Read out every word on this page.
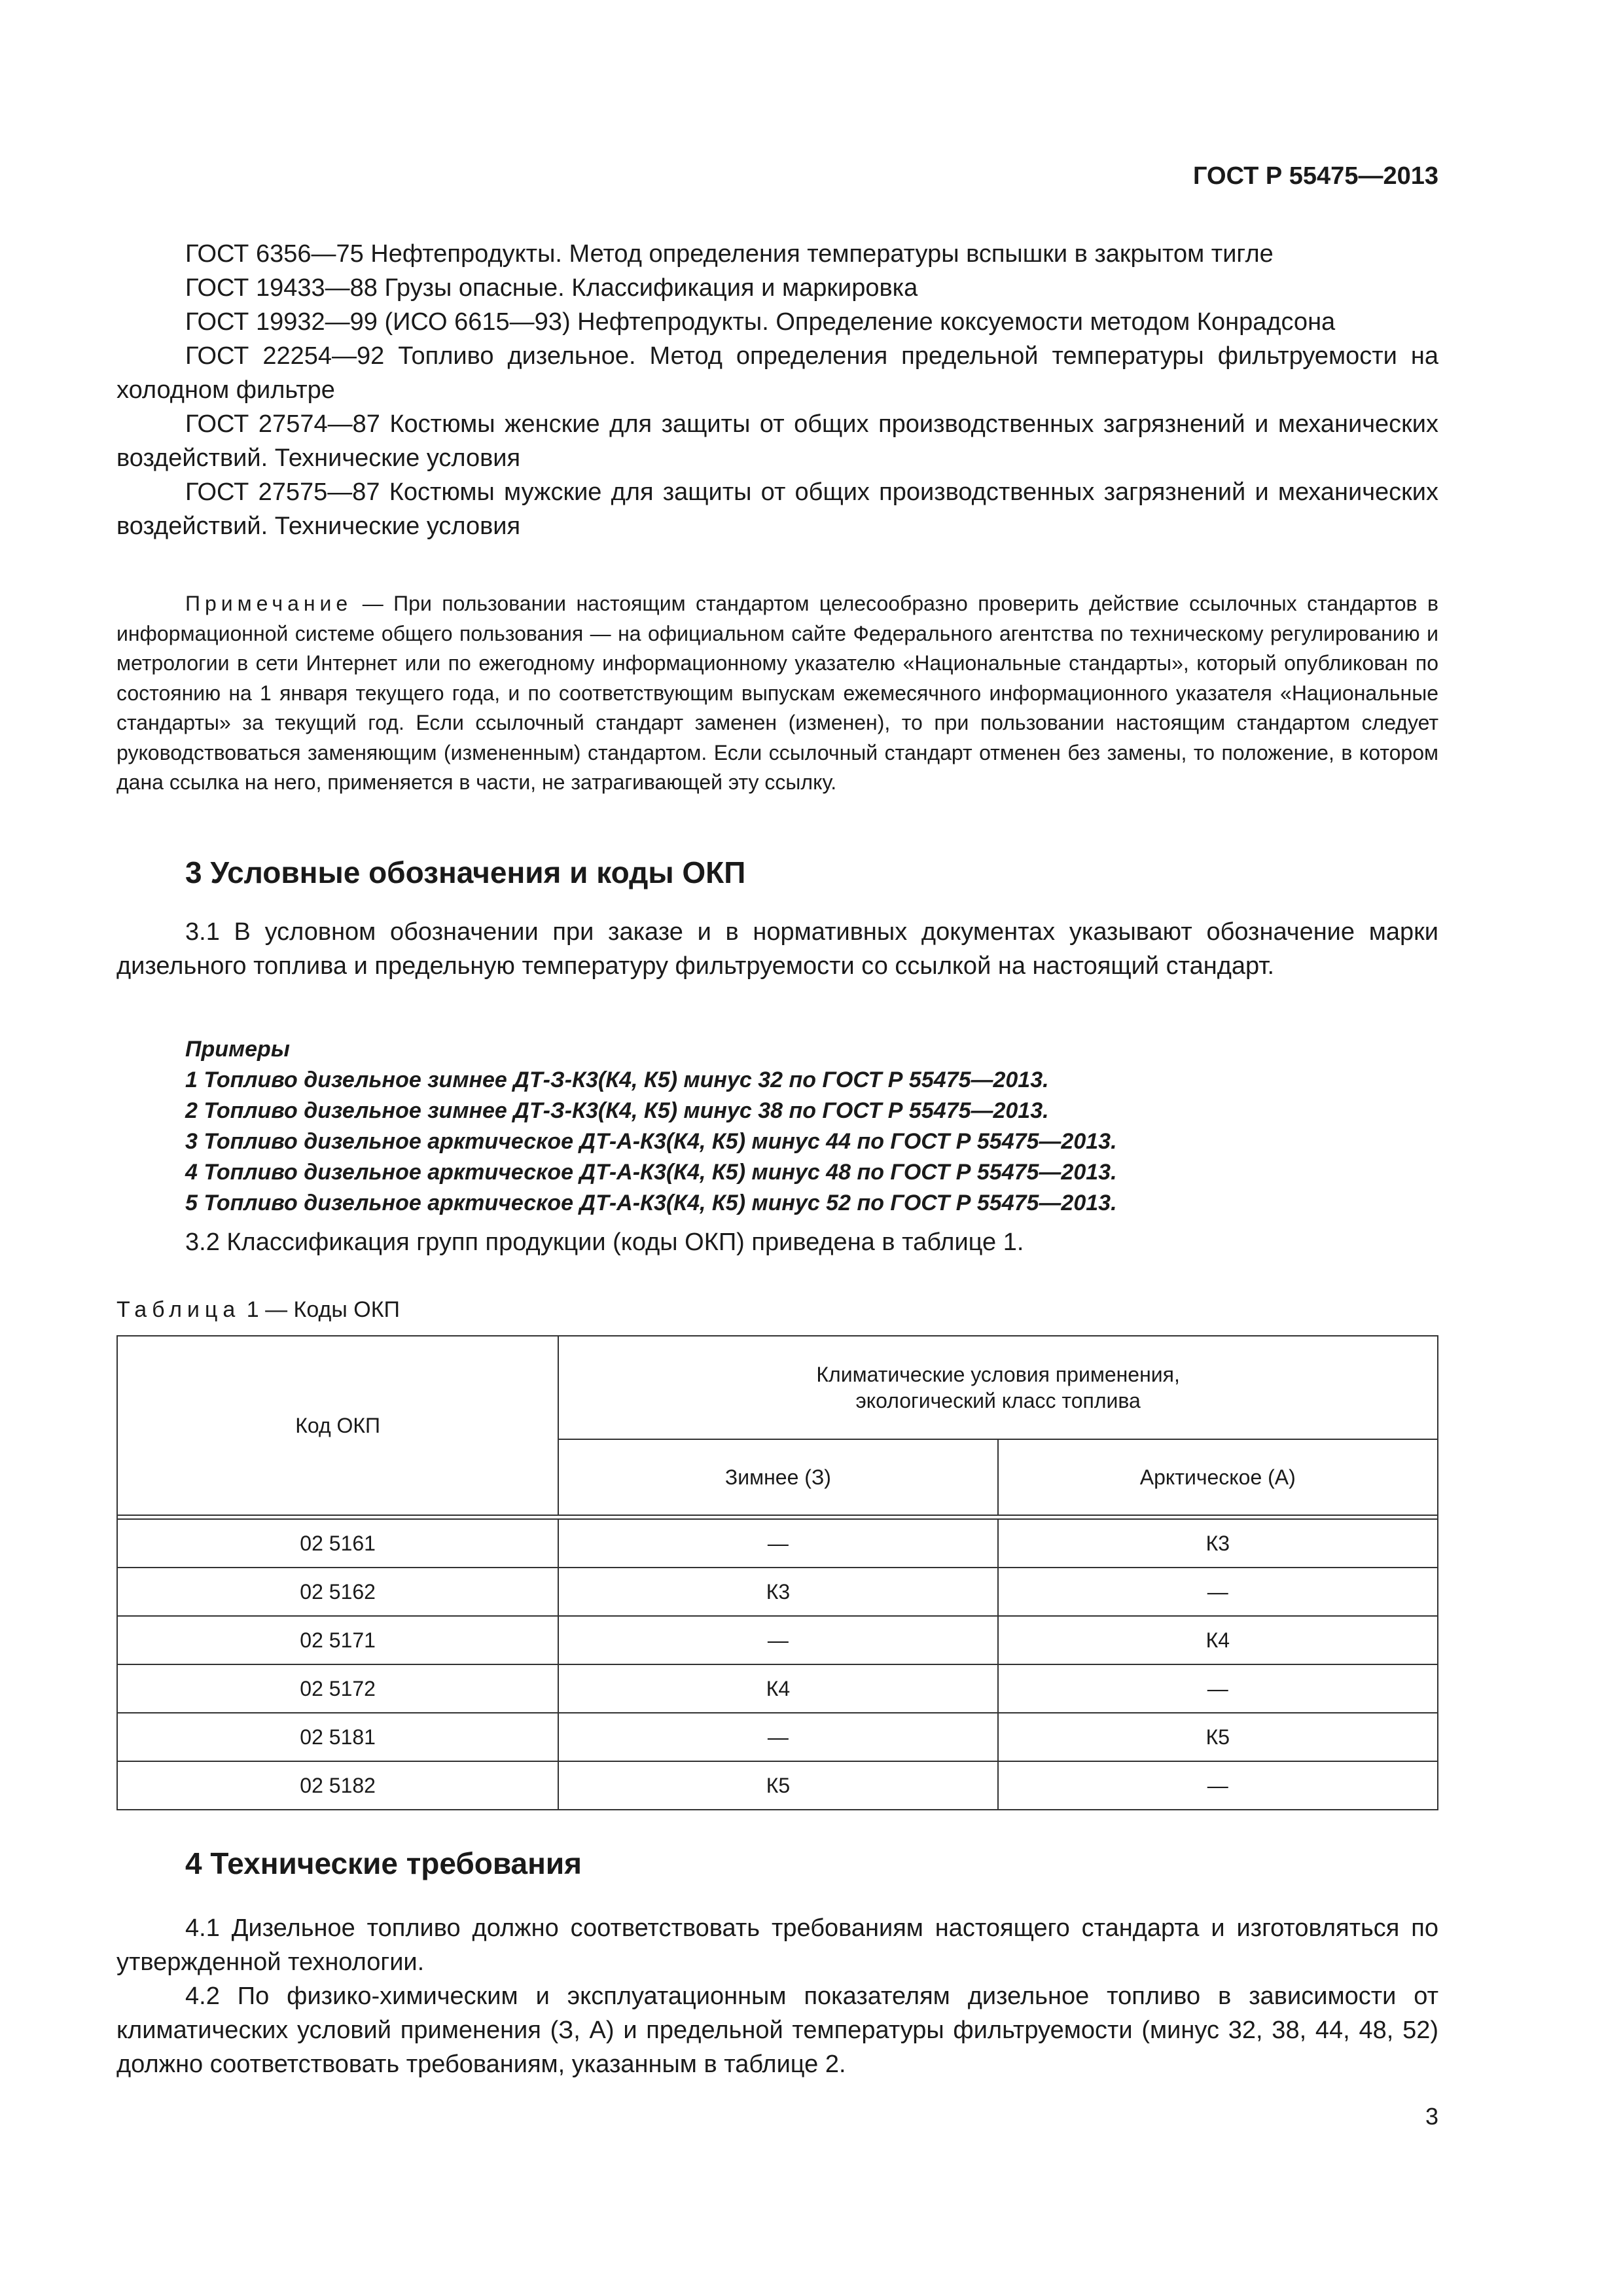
ГОСТ Р 55475—2013
ГОСТ 6356—75 Нефтепродукты. Метод определения температуры вспышки в закрытом тигле
ГОСТ 19433—88 Грузы опасные. Классификация и маркировка
ГОСТ 19932—99 (ИСО 6615—93) Нефтепродукты. Определение коксуемости методом Конрадсона
ГОСТ 22254—92 Топливо дизельное. Метод определения предельной температуры фильтруемости на холодном фильтре
ГОСТ 27574—87 Костюмы женские для защиты от общих производственных загрязнений и механических воздействий. Технические условия
ГОСТ 27575—87 Костюмы мужские для защиты от общих производственных загрязнений и механических воздействий. Технические условия
Примечание — При пользовании настоящим стандартом целесообразно проверить действие ссылочных стандартов в информационной системе общего пользования — на официальном сайте Федерального агентства по техническому регулированию и метрологии в сети Интернет или по ежегодному информационному указателю «Национальные стандарты», который опубликован по состоянию на 1 января текущего года, и по соответствующим выпускам ежемесячного информационного указателя «Национальные стандарты» за текущий год. Если ссылочный стандарт заменен (изменен), то при пользовании настоящим стандартом следует руководствоваться заменяющим (измененным) стандартом. Если ссылочный стандарт отменен без замены, то положение, в котором дана ссылка на него, применяется в части, не затрагивающей эту ссылку.
3 Условные обозначения и коды ОКП

3.1 В условном обозначении при заказе и в нормативных документах указывают обозначение марки дизельного топлива и предельную температуру фильтруемости со ссылкой на настоящий стандарт.

Примеры
1 Топливо дизельное зимнее ДТ-З-К3(К4, К5) минус 32 по ГОСТ Р 55475—2013.
2 Топливо дизельное зимнее ДТ-З-К3(К4, К5) минус 38 по ГОСТ Р 55475—2013.
3 Топливо дизельное арктическое ДТ-А-К3(К4, К5) минус 44 по ГОСТ Р 55475—2013.
4 Топливо дизельное арктическое ДТ-А-К3(К4, К5) минус 48 по ГОСТ Р 55475—2013.
5 Топливо дизельное арктическое ДТ-А-К3(К4, К5) минус 52 по ГОСТ Р 55475—2013.

3.2 Классификация групп продукции (коды ОКП) приведена в таблице 1.

Таблица 1 — Коды ОКП
Код ОКП	Климатические условия применения,
экологический класс топлива	
	Зимнее (З)	Арктическое (А)

02 5161	—	К3
02 5162	К3	—
02 5171	—	К4
02 5172	К4	—
02 5181	—	К5
02 5182	К5	—
4 Технические требования

4.1 Дизельное топливо должно соответствовать требованиям настоящего стандарта и изготовляться по утвержденной технологии.

4.2 По физико-химическим и эксплуатационным показателям дизельное топливо в зависимости от климатических условий применения (З, А) и предельной температуры фильтруемости (минус 32, 38, 44, 48, 52) должно соответствовать требованиям, указанным в таблице 2.

3
